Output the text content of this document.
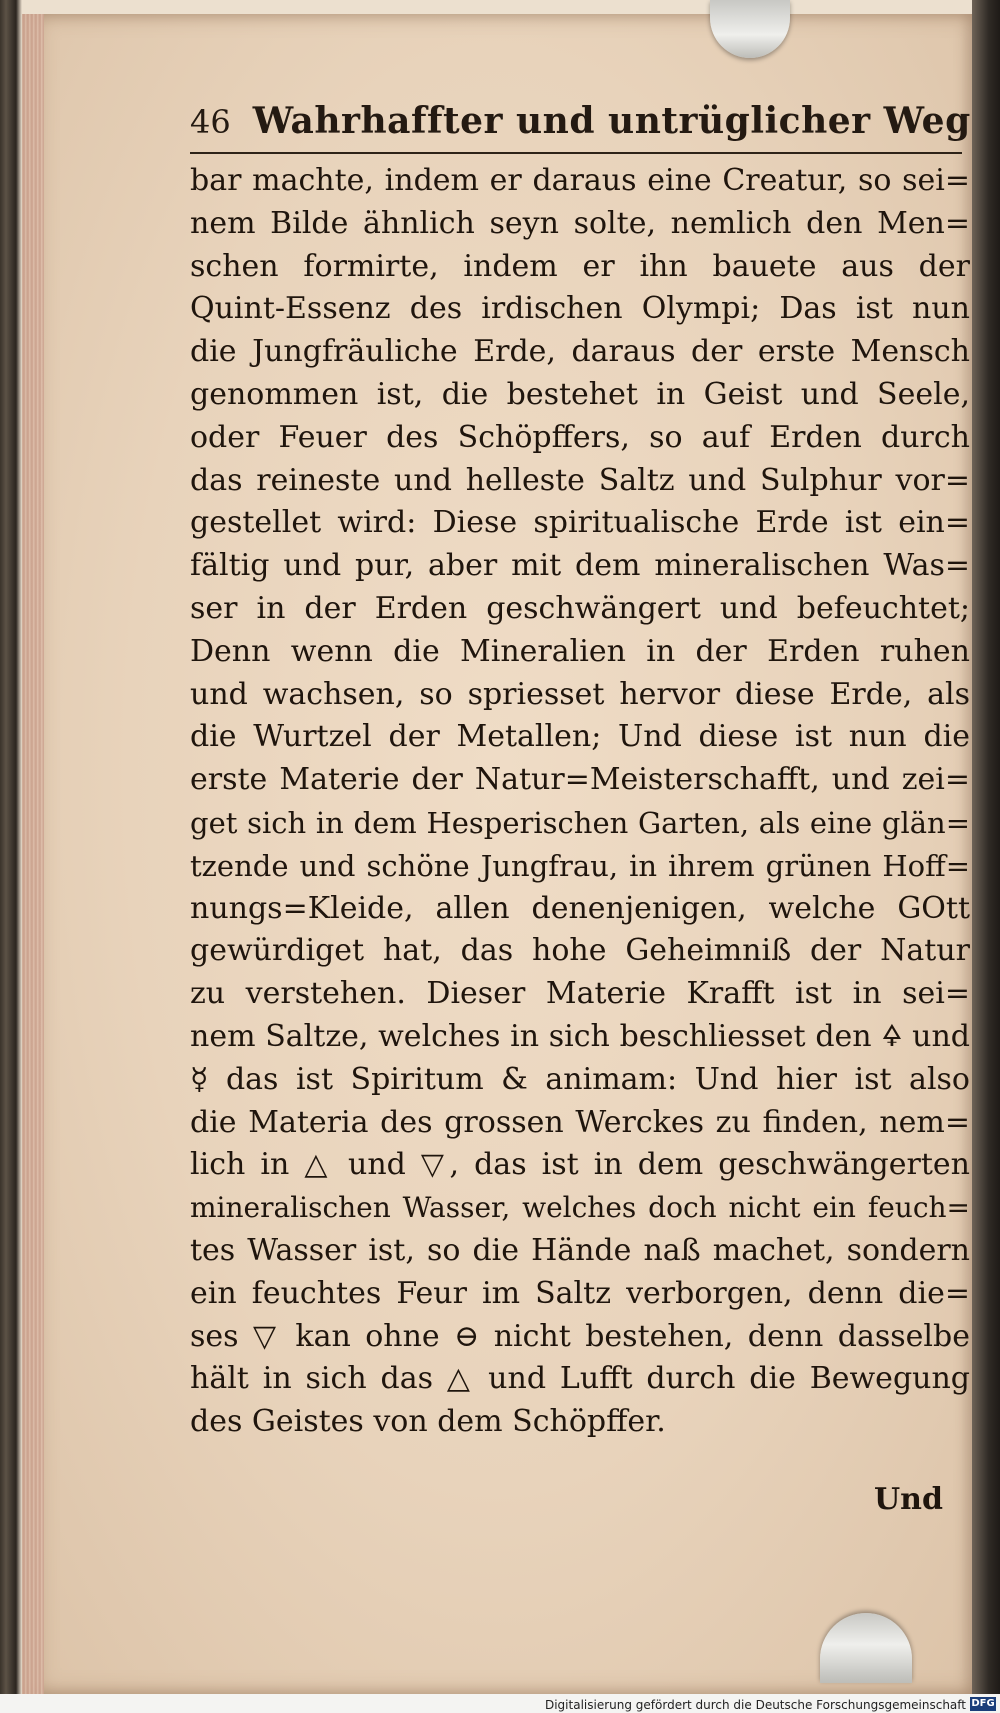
46 Wahrhaffter und untrüglicher Weg
bar machte, indem er daraus eine Creatur, so sei=
nem Bilde ähnlich seyn solte, nemlich den Men=
schen formirte, indem er ihn bauete aus der
Quint-Essenz des irdischen Olympi; Das ist nun
die Jungfräuliche Erde, daraus der erste Mensch
genommen ist, die bestehet in Geist und Seele,
oder Feuer des Schöpffers, so auf Erden durch
das reineste und helleste Saltz und Sulphur vor=
gestellet wird: Diese spiritualische Erde ist ein=
fältig und pur, aber mit dem mineralischen Was=
ser in der Erden geschwängert und befeuchtet;
Denn wenn die Mineralien in der Erden ruhen
und wachsen, so spriesset hervor diese Erde, als
die Wurtzel der Metallen; Und diese ist nun die
erste Materie der Natur=Meisterschafft, und zei=
get sich in dem Hesperischen Garten, als eine glän=
tzende und schöne Jungfrau, in ihrem grünen Hoff=
nungs=Kleide, allen denenjenigen, welche GOtt
gewürdiget hat, das hohe Geheimniß der Natur
zu verstehen. Dieser Materie Krafft ist in sei=
nem Saltze, welches in sich beschliesset den 🜍 und
☿ das ist Spiritum & animam: Und hier ist also
die Materia des grossen Werckes zu finden, nem=
lich in △ und ▽, das ist in dem geschwängerten
mineralischen Wasser, welches doch nicht ein feuch=
tes Wasser ist, so die Hände naß machet, sondern
ein feuchtes Feur im Saltz verborgen, denn die=
ses ▽ kan ohne ⊖ nicht bestehen, denn dasselbe
hält in sich das △ und Lufft durch die Bewegung
des Geistes von dem Schöpffer.
Und
Digitalisierung gefördert durch die Deutsche Forschungsgemeinschaft DFG
